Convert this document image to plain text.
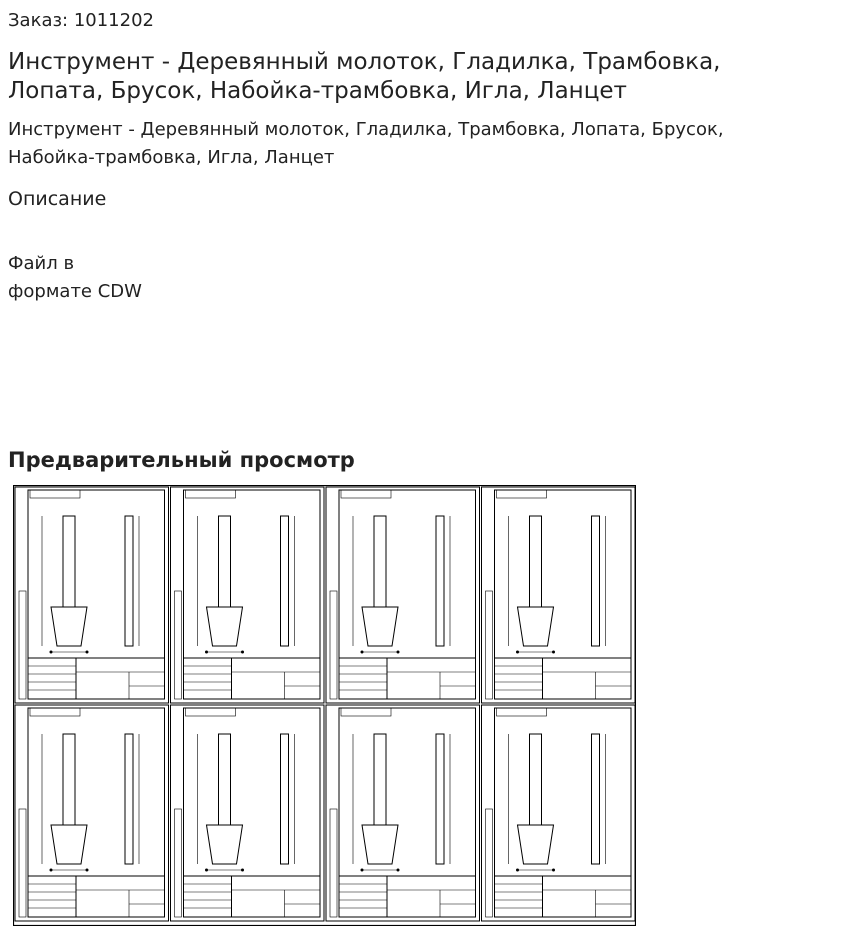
Заказ: 1011202
Инструмент - Деревянный молоток, Гладилка, Трамбовка, Лопата, Брусок, Набойка-трамбовка, Игла, Ланцет
Инструмент - Деревянный молоток, Гладилка, Трамбовка, Лопата, Брусок, Набойка-трамбовка, Игла, Ланцет
Описание
Файл в
формате CDW
Предварительный просмотр
